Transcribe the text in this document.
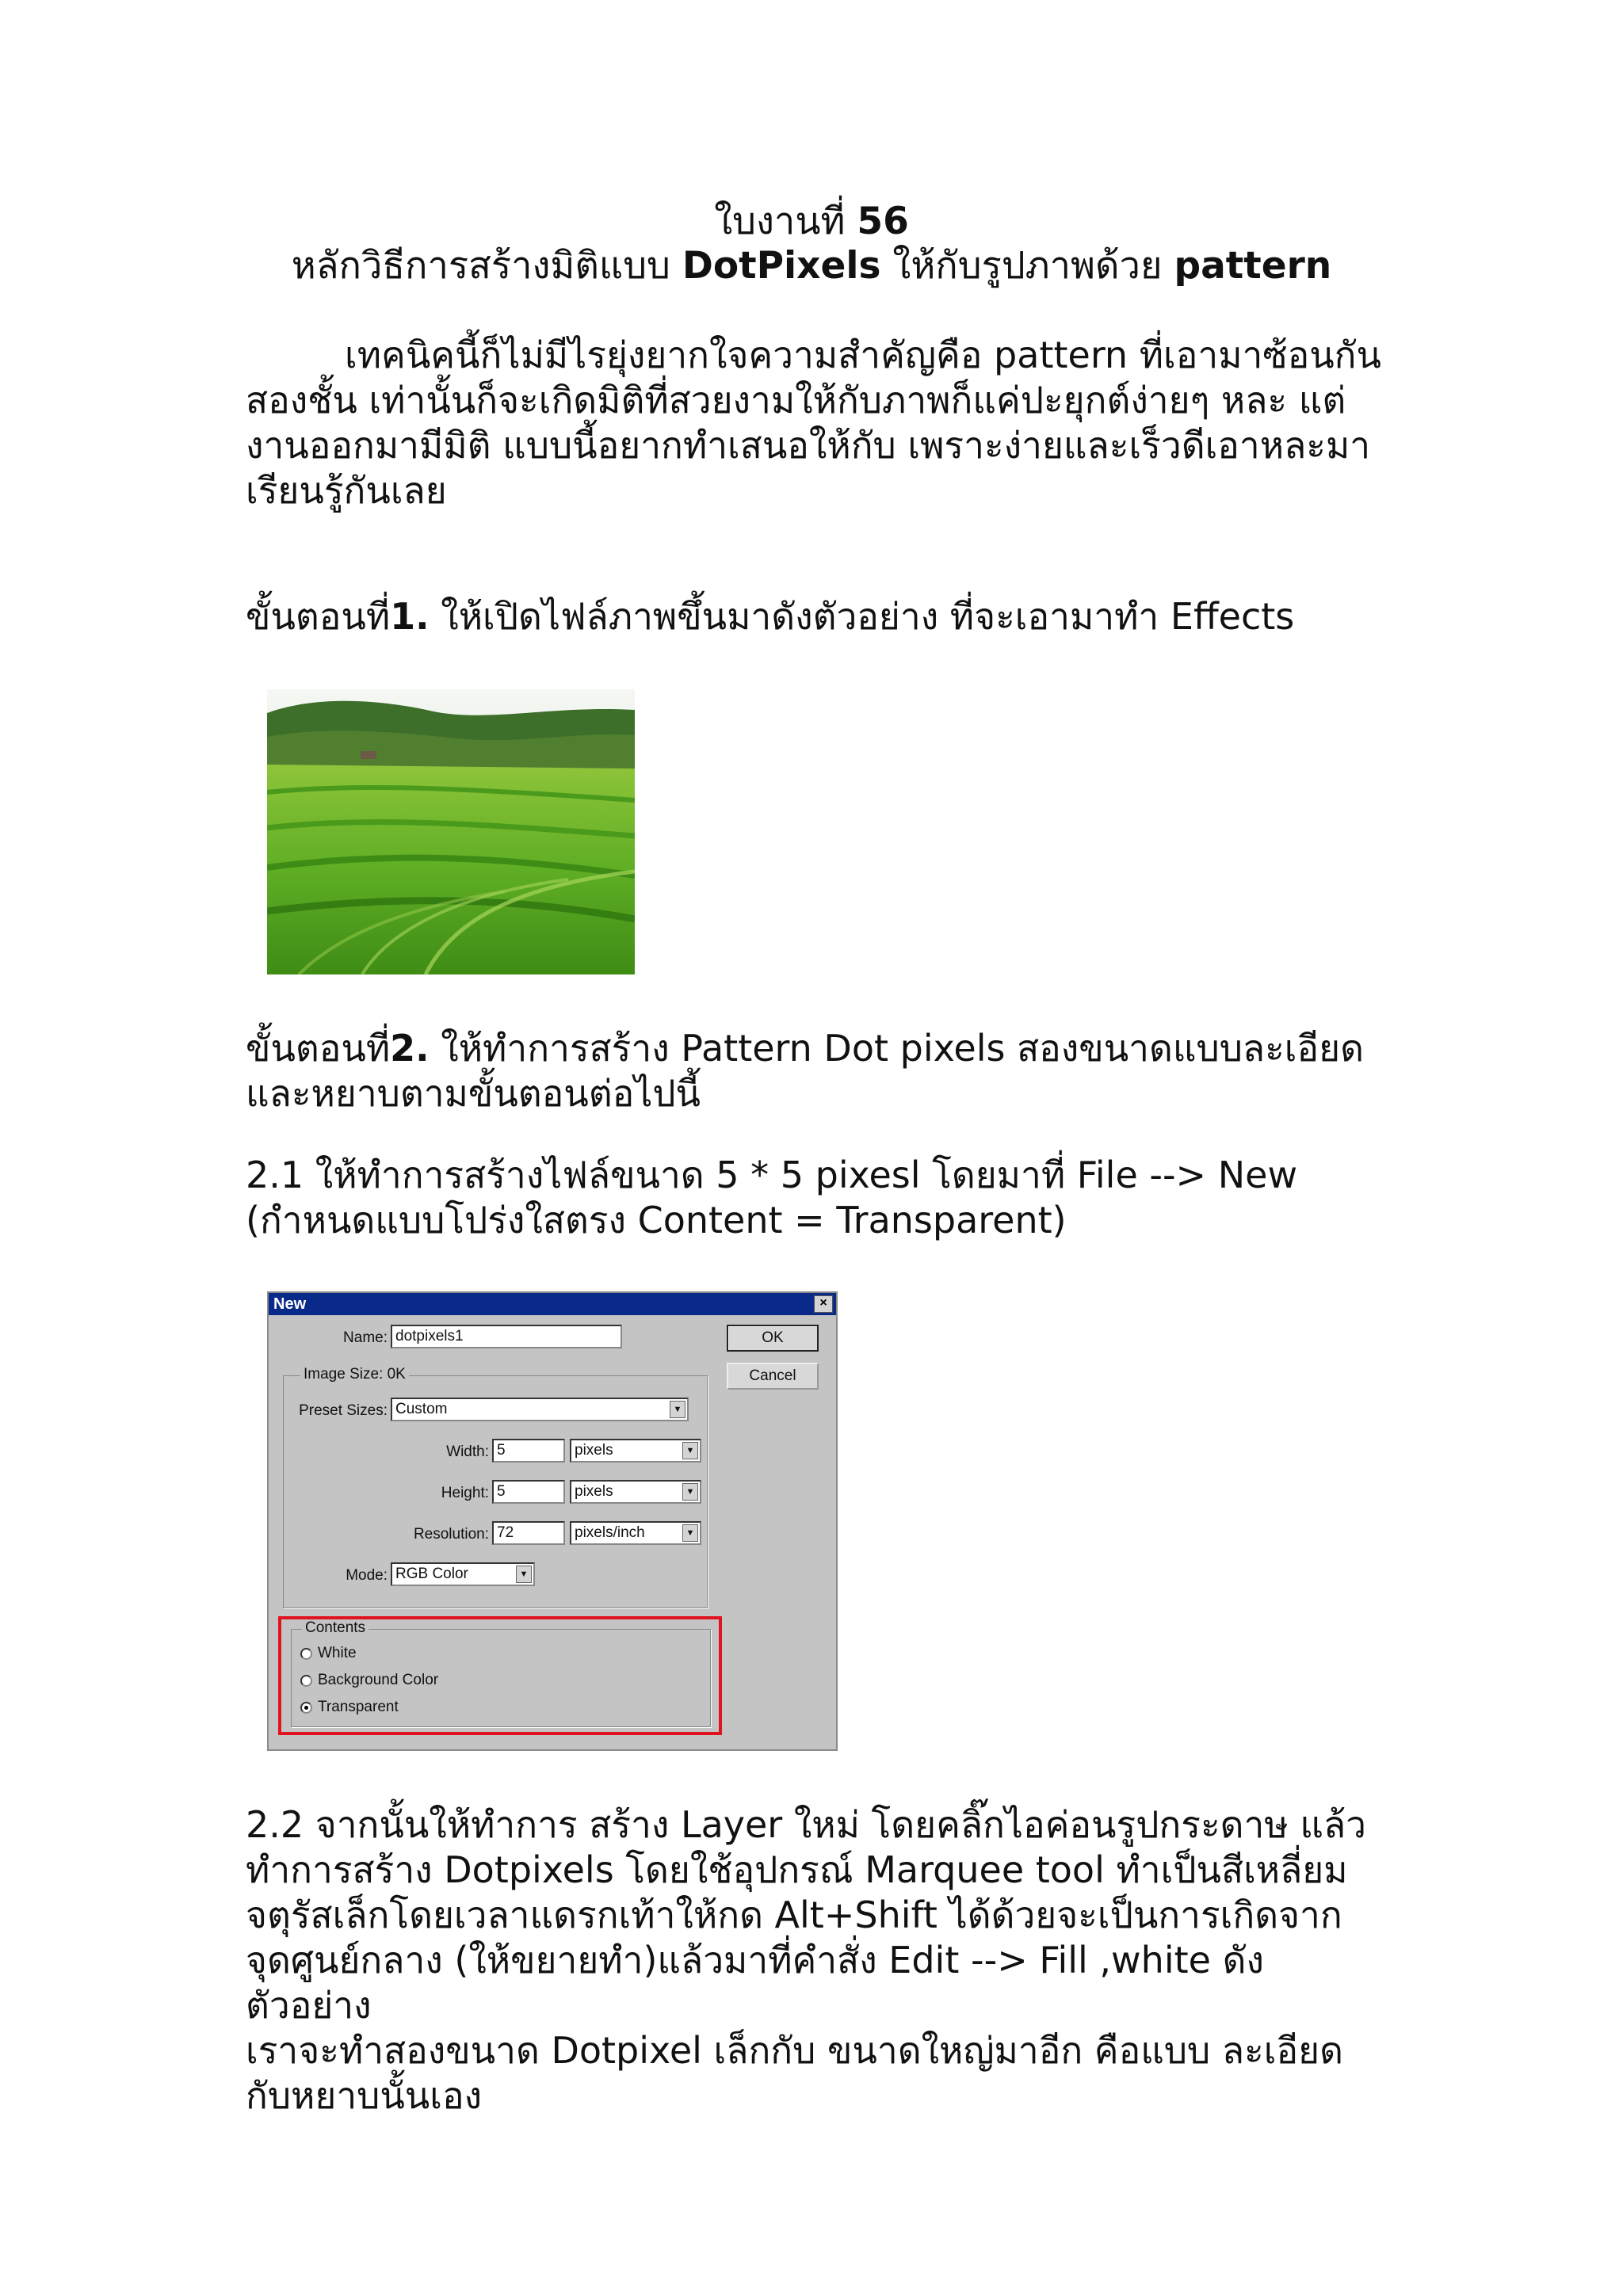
ใบงานที่ 56
หลักวิธีการสร้างมิติแบบ DotPixels ให้กับรูปภาพด้วย pattern
เทคนิคนี้ก็ไม่มีไรยุ่งยากใจความสำคัญคือ pattern ที่เอามาซ้อนกัน
สองชั้น เท่านั้นก็จะเกิดมิติที่สวยงามให้กับภาพก็แค่ปะยุกต์ง่ายๆ หละ แต่
งานออกมามีมิติ แบบนี้อยากทำเสนอให้กับ เพราะง่ายและเร็วดีเอาหละมา
เรียนรู้กันเลย
ขั้นตอนที่1. ให้เปิดไฟล์ภาพขึ้นมาดังตัวอย่าง ที่จะเอามาทำ Effects
ขั้นตอนที่2. ให้ทำการสร้าง Pattern Dot pixels สองขนาดแบบละเอียด
และหยาบตามขั้นตอนต่อไปนี้
2.1 ให้ทำการสร้างไฟล์ขนาด 5 * 5 pixesl โดยมาที่ File --> New
(กำหนดแบบโปร่งใสตรง Content = Transparent)
New	×
Name: dotpixels1	OK
Cancel
Image Size: 0K
Preset Sizes: Custom	▼
Width: 5	pixels	▼
Height: 5	pixels	▼
Resolution: 72	pixels/inch	▼
Mode: RGB Color	▼
Contents
White
Background Color
Transparent
2.2 จากนั้นให้ทำการ สร้าง Layer ใหม่ โดยคลิ๊กไอค่อนรูปกระดาษ แล้ว
ทำการสร้าง Dotpixels โดยใช้อุปกรณ์ Marquee tool ทำเป็นสีเหลี่ยม
จตุรัสเล็กโดยเวลาแดรกเท้าให้กด Alt+Shift ได้ด้วยจะเป็นการเกิดจาก
จุดศูนย์กลาง (ให้ขยายทำ)แล้วมาที่คำสั่ง Edit --> Fill ,white ดังตัวอย่าง
เราจะทำสองขนาด Dotpixel เล็กกับ ขนาดใหญ่มาอีก คือแบบ ละเอียด
กับหยาบนั้นเอง
